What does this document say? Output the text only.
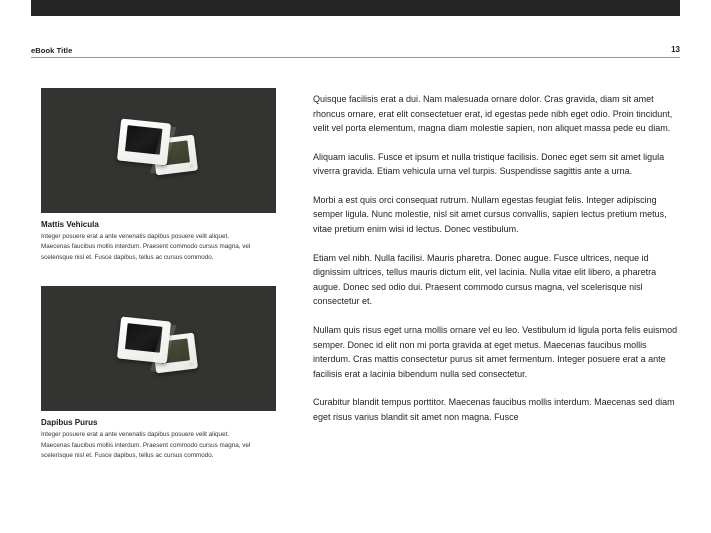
eBook Title	13

Mattis Vehicula

Integer posuere erat a ante venenatis dapibus posuere velit aliquet. Maecenas faucibus mollis interdum. Praesent commodo cursus magna, vel scelerisque nisl et. Fusce dapibus, tellus ac cursus commodo.

Dapibus Purus

Integer posuere erat a ante venenatis dapibus posuere velit aliquet. Maecenas faucibus mollis interdum. Praesent commodo cursus magna, vel scelerisque nisl et. Fusce dapibus, tellus ac cursus commodo.

Quisque facilisis erat a dui. Nam malesuada ornare dolor. Cras gravida, diam sit amet rhoncus ornare, erat elit consectetuer erat, id egestas pede nibh eget odio. Proin tincidunt, velit vel porta elementum, magna diam molestie sapien, non aliquet massa pede eu diam.

Aliquam iaculis. Fusce et ipsum et nulla tristique facilisis. Donec eget sem sit amet ligula viverra gravida. Etiam vehicula urna vel turpis. Suspendisse sagittis ante a urna.

Morbi a est quis orci consequat rutrum. Nullam egestas feugiat felis. Integer adipiscing semper ligula. Nunc molestie, nisl sit amet cursus convallis, sapien lectus pretium metus, vitae pretium enim wisi id lectus. Donec vestibulum.

Etiam vel nibh. Nulla facilisi. Mauris pharetra. Donec augue. Fusce ultrices, neque id dignissim ultrices, tellus mauris dictum elit, vel lacinia. Nulla vitae elit libero, a pharetra augue. Donec sed odio dui. Praesent commodo cursus magna, vel scelerisque nisl consectetur et.

Nullam quis risus eget urna mollis ornare vel eu leo. Vestibulum id ligula porta felis euismod semper. Donec id elit non mi porta gravida at eget metus. Maecenas faucibus mollis interdum. Cras mattis consectetur purus sit amet fermentum. Integer posuere erat a ante facilisis erat a lacinia bibendum nulla sed consectetur.

Curabitur blandit tempus porttitor. Maecenas faucibus mollis interdum. Maecenas sed diam eget risus varius blandit sit amet non magna. Fusce
